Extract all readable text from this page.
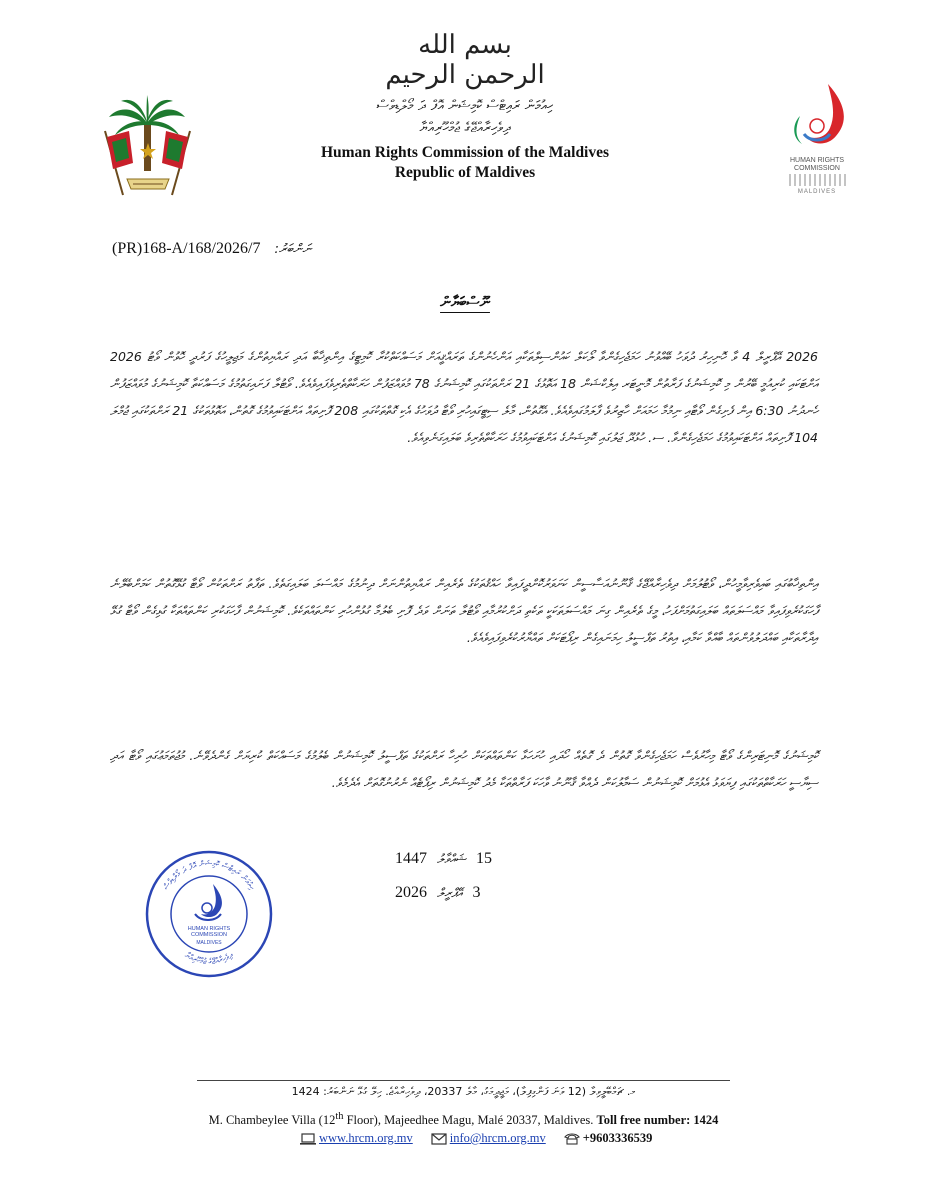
بسم الله الرحمن الرحيم
HUMAN RIGHTS
COMMISSION
MALDIVES
ހިއުމަން ރައިޓްސް ކޮމިޝަން އޮފް ދަ މޯލްޑިވްސް
ދިވެހިރާއްޖޭގެ ޖުމްހޫރިއްޔާ
Human Rights Commission of the Maldives
Republic of Maldives
(PR)168-A/168/2026/7 ނަންބަރު:
ނޫސްބަޔާން
2026 އޭޕްރީލް 4 ވާ ހޮނިހިރު ދުވަހު ބޭއްވުނު ހަމަޖެހިގެންވާ ލޯކަލް ކައުންސިލްތަކާއި އަންހެނުންގެ ތަރައްޤީއަށް މަސައްކަތްކުރާ ކޮމިޓީގެ އިންތިޚާބާ އަދި ރައްޔިތުންގެ މަޖިލީހުގެ ފަރުދީ ހޮވުން ވޯޓު 2026 އަށްޓަކައި ކުރިއުމީ ބޭރުން މި ކޮމިޝަނުގެ ފަރާތުން މޮނީޓަރ އިލެކްޝަން 18 އަތޮޅުގެ 21 ރަށްތަކުގައި ކޮމިޝަނުގެ 78 މުވައްޒަފުން ހަރަކާތްތެރިވެފައިވެއެވެ. ވޯޓުލާ ފަށައިގަތުމުގެ މަސައްކަތާ ކޮމިޝަނުގެ މުވައްޒަފުން ހެނދުނު 6:30 އިން ފެށިގެން ވޯޓާއި ނިމުމާ ހަމައަށް ހާޒިރުވެ ފާލަމުގައިވެއެވެ. އެގޮތުން، މާލެ ސިޓީގައިހުރި ވޯޓާ ދުވަހުގެ އެކި ގޮތްތަކުގައި 208 ފޮށިތައް އަށްޓަކައިވުމުގެ ގޮތުން، އަތޮޅުތަކުގެ 21 ރަށްތަކުގައި ޖުމްލަ 104 ފޮށިތައް އަށްޓަކައިވުމުގެ ހަމަޖެހިގެންވާ. ސ. ހުޅުދޫ ޖަލުގައި ކޮމިޝަނުގެ އަށްޓަކައިވުމުގެ ހަރަކާތްތެރިވެ ބަލައިގަނެވިއެވެ.
އިންތިޚާބުގައި ބައިވެރިވާމީހުން، ވޯޓުލުމަށް ދިވެހިރާއްޖޭގެ ޤާނޫނުއަސާސީން ކަށަވަރުކޮށްދީފައިވާ ހައްޤުތަކުގެ ތެރެއިން ރައްޔިތުންނަށް ދިނުމުގެ މައްސަލަ ބަލައިގަތެވެ. ތަފާތު ރަށްތަކުން ވޯޓާ ގުޅޭގޮތުން ކަމަށްބެލޭނެ ފާހަގަކުރެވިފައިވާ މައްސަލަތައް ބަލައިގަތުމަށްފަހު، މީގެ ތެރެއިން ގިނަ މައްސަލަތަކަކީ ތަކެތި ދަށްކުރުމާއި ވޯޓުލާ ތަނަށް ވަދެ ފޮށި ބެލުމާ ގުޅުންހުރި ކަންތައްތަކެވެ. ކޮމިޝަނުން ފާހަގަކުރި ކަންތައްތަކާ ގުޅިގެން ވޯޓާ ގުޅޭ އިދާރާތަކާއި ބައްދަލުވުންތައް ބާއްވާ ކަމާއި، އިތުރު ތަފްސީލު ހިމަނައިގެން ރިޕޯޓަކަށް ތައްޔާރުކުރެވިފައިވެއެވެ.
ކޮމިޝަނުގެ މޮނިޓަރިންގެ ވޯޓާ މިހާރުވެސް ހަމަޖެހިގެންވާ ގޮތުން ދެ ގޮތެއް ހޯދައި ހުށަހަޅާ ކަންތައްތަކަށް ހުރިހާ ރަށްތަކުގެ ތަފްސީލު ކޮމިޝަނުން ބެލުމުގެ މަސައްކަތް ކުރިޔަށް ގެންދެވޭނެ. މުޖުތަމަޢުގައި ވޯޓާ އަދި ސިޔާސީ ހަރަކާތްތަކުގައި ފިޔަވަޅު އެޅުމަށް ކޮމިޝަނުން ސަމާލުކަން ދެއްވާ ޤާނޫނު ވާހަކަ ފަރާތްތަކާ މެދު ކޮމިޝަނުން ރިޕޯޓެއް ނެރުނުގޮތަށް އެދެމެވެ.
1447 ޝައްވާލު 15
2026 އޭޕްރީލް 3
ހިއުމަން ރައިޓްސް ކޮމިޝަން އޮފް ދަ މޯލްޑިވްސް
ދިވެހިރާއްޖޭގެ ޖުމްހޫރިއްޔާ
HUMAN RIGHTS
COMMISSION
MALDIVES
މ. ޗަމްބޭލީވިލާ (12 ވަނަ ފަންގިފިލާ)، މަޖީދީމަގު، މާލެ 20337، ދިވެހިރާއްޖެ. ހިލޭ ގުޅޭ ނަންބަރު: 1424
M. Chambeylee Villa (12th Floor), Majeedhee Magu, Malé 20337, Maldives. Toll free number: 1424
www.hrcm.org.mv	info@hrcm.org.mv	+9603336539
